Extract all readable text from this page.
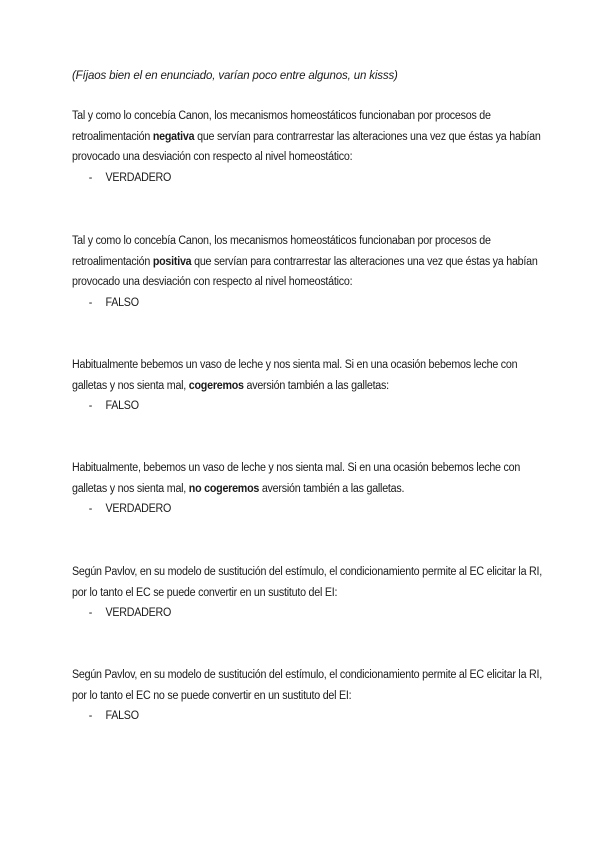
(Fíjaos bien el en enunciado, varían poco entre algunos, un kisss)
Tal y como lo concebía Canon, los mecanismos homeostáticos funcionaban por procesos de
retroalimentación negativa que servían para contrarrestar las alteraciones una vez que éstas ya habían
provocado una desviación con respecto al nivel homeostático:
- VERDADERO
Tal y como lo concebía Canon, los mecanismos homeostáticos funcionaban por procesos de
retroalimentación positiva que servían para contrarrestar las alteraciones una vez que éstas ya habían
provocado una desviación con respecto al nivel homeostático:
- FALSO
Habitualmente bebemos un vaso de leche y nos sienta mal. Si en una ocasión bebemos leche con
galletas y nos sienta mal, cogeremos aversión también a las galletas:
- FALSO
Habitualmente, bebemos un vaso de leche y nos sienta mal. Si en una ocasión bebemos leche con
galletas y nos sienta mal, no cogeremos aversión también a las galletas.
- VERDADERO
Según Pavlov, en su modelo de sustitución del estímulo, el condicionamiento permite al EC elicitar la RI,
por lo tanto el EC se puede convertir en un sustituto del EI:
- VERDADERO
Según Pavlov, en su modelo de sustitución del estímulo, el condicionamiento permite al EC elicitar la RI,
por lo tanto el EC no se puede convertir en un sustituto del EI:
- FALSO
